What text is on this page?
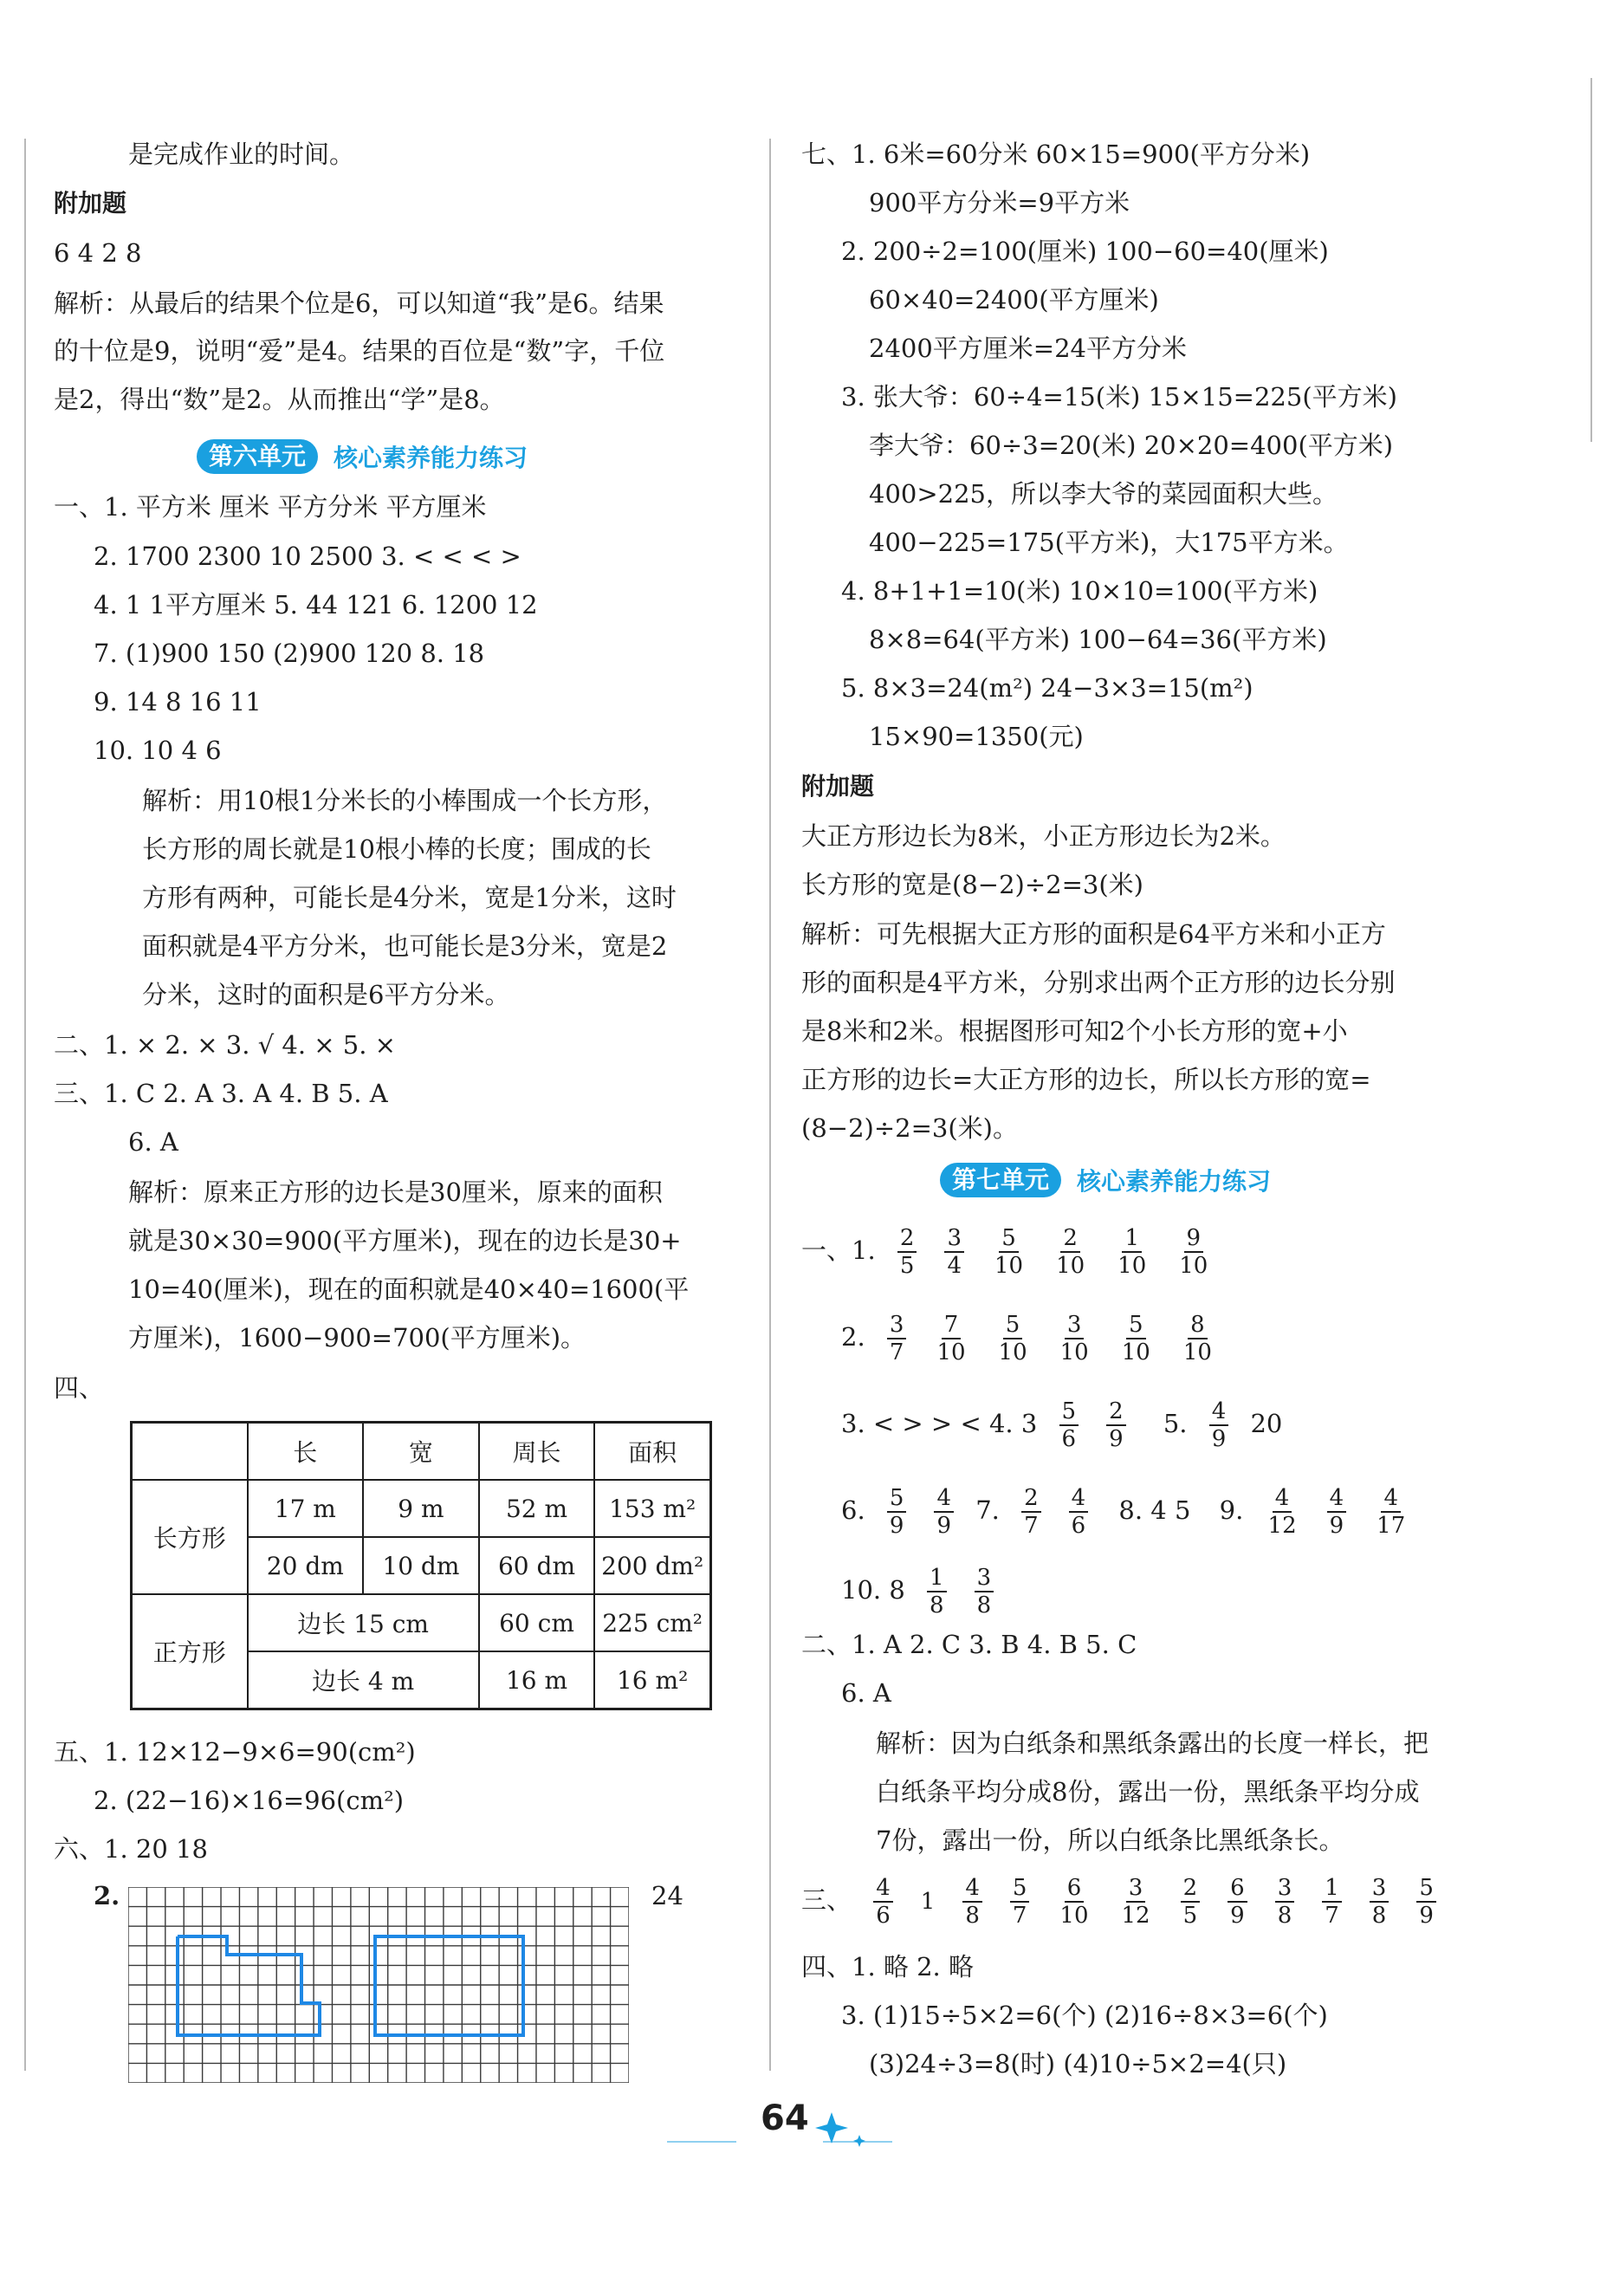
是完成作业的时间。
附加题
6 4 2 8
解析：从最后的结果个位是6，可以知道“我”是6。结果
的十位是9，说明“爱”是4。结果的百位是“数”字，千位
是2，得出“数”是2。从而推出“学”是8。
第六单元	核心素养能力练习
一、1. 平方米 厘米 平方分米 平方厘米
2. 1700 2300 10 2500 3. < < < >
4. 1 1平方厘米 5. 44 121 6. 1200 12
7. (1)900 150 (2)900 120 8. 18
9. 14 8 16 11
10. 10 4 6
解析：用10根1分米长的小棒围成一个长方形，
长方形的周长就是10根小棒的长度；围成的长
方形有两种，可能长是4分米，宽是1分米，这时
面积就是4平方分米，也可能长是3分米，宽是2
分米，这时的面积是6平方分米。
二、1. × 2. × 3. √ 4. × 5. ×
三、1. C 2. A 3. A 4. B 5. A
6. A
解析：原来正方形的边长是30厘米，原来的面积
就是30×30=900(平方厘米)，现在的边长是30+
10=40(厘米)，现在的面积就是40×40=1600(平
方厘米)，1600−900=700(平方厘米)。
四、
	长	宽	周长	面积
长方形	17 m	9 m	52 m	153 m²
	20 dm	10 dm	60 dm	200 dm²
正方形	边长 15 cm		60 cm	225 cm²
	边长 4 m		16 m	16 m²
五、1. 12×12−9×6=90(cm²)
2. (22−16)×16=96(cm²)
六、1. 20 18
2.	24
七、1. 6米=60分米 60×15=900(平方分米)
900平方分米=9平方米
2. 200÷2=100(厘米) 100−60=40(厘米)
60×40=2400(平方厘米)
2400平方厘米=24平方分米
3. 张大爷：60÷4=15(米) 15×15=225(平方米)
李大爷：60÷3=20(米) 20×20=400(平方米)
400>225，所以李大爷的菜园面积大些。
400−225=175(平方米)，大175平方米。
4. 8+1+1=10(米) 10×10=100(平方米)
8×8=64(平方米) 100−64=36(平方米)
5. 8×3=24(m²) 24−3×3=15(m²)
15×90=1350(元)
附加题
大正方形边长为8米，小正方形边长为2米。
长方形的宽是(8−2)÷2=3(米)
解析：可先根据大正方形的面积是64平方米和小正方
形的面积是4平方米，分别求出两个正方形的边长分别
是8米和2米。根据图形可知2个小长方形的宽+小
正方形的边长=大正方形的边长，所以长方形的宽=
(8−2)÷2=3(米)。
第七单元	核心素养能力练习
一、1. $\frac{2}{5} \frac{3}{4} \frac{5}{10} \frac{2}{10} \frac{1}{10} \frac{9}{10}$
2. $\frac{3}{7} \frac{7}{10} \frac{5}{10} \frac{3}{10} \frac{5}{10} \frac{8}{10}$
3. < > > < 4. $3 \frac{5}{6} \frac{2}{9} 5$. $\frac{4}{9} 20$
6. $\frac{5}{9} \frac{4}{9} 7$. $\frac{2}{7} \frac{4}{6} 8$. 4 5 9. $\frac{4}{12} \frac{4}{9} \frac{4}{17}$
10. $8 \frac{1}{8} \frac{3}{8}$
二、1. A 2. C 3. B 4. B 5. C
6. A
解析：因为白纸条和黑纸条露出的长度一样长，把
白纸条平均分成8份，露出一份，黑纸条平均分成
7份，露出一份，所以白纸条比黑纸条长。
三、 $\frac{4}{6} 1 \frac{4}{8} \frac{5}{7} \frac{6}{10} \frac{3}{12} \frac{2}{5} \frac{6}{9} \frac{3}{8} \frac{1}{7} \frac{3}{8} \frac{5}{9}$
四、1. 略 2. 略
3. (1)15÷5×2=6(个) (2)16÷8×3=6(个)
(3)24÷3=8(时) (4)10÷5×2=4(只)
64
